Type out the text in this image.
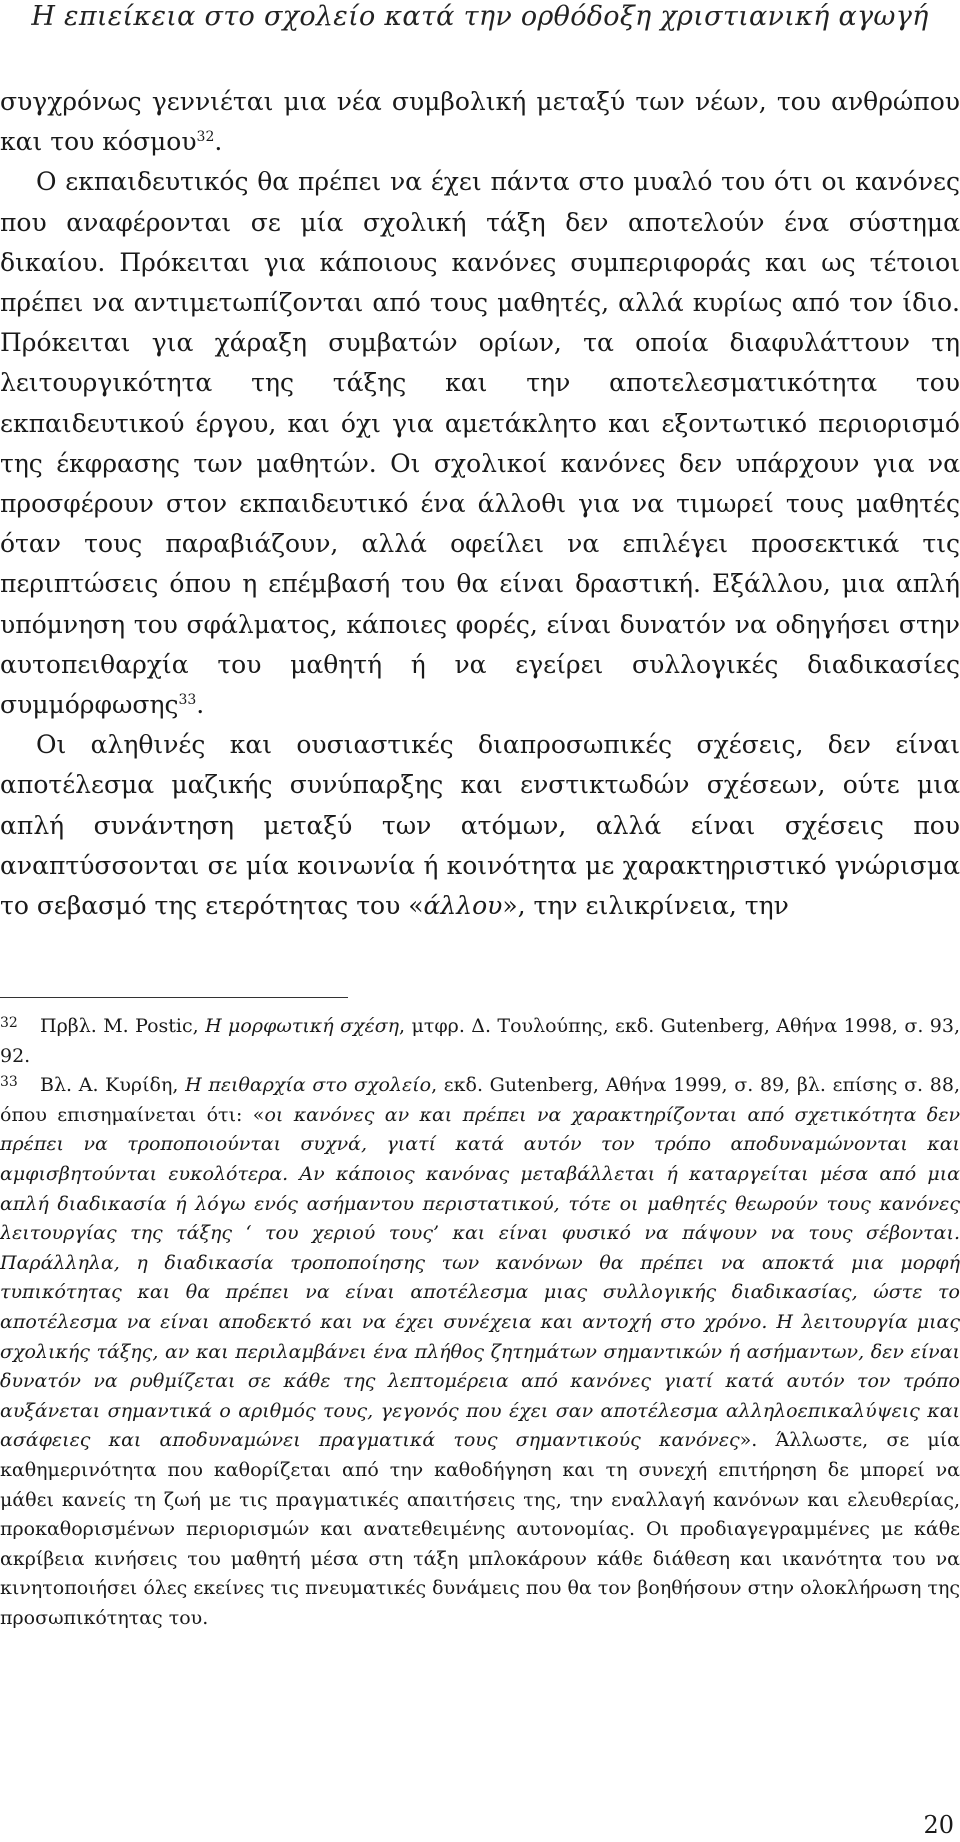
Η επιείκεια στο σχολείο κατά την ορθόδοξη χριστιανική αγωγή

συγχρόνως γεννιέται μια νέα συμβολική μεταξύ των νέων, του ανθρώπου και του κόσμου$^{32}$.

Ο εκπαιδευτικός θα πρέπει να έχει πάντα στο μυαλό του ότι οι κανόνες που αναφέρονται σε μία σχολική τάξη δεν αποτελούν ένα σύστημα δικαίου. Πρόκειται για κάποιους κανόνες συμπεριφοράς και ως τέτοιοι πρέπει να αντιμετωπίζονται από τους μαθητές, αλλά κυρίως από τον ίδιο. Πρόκειται για χάραξη συμβατών ορίων, τα οποία διαφυλάττουν τη λειτουργικότητα της τάξης και την αποτελεσματικότητα του εκπαιδευτικού έργου, και όχι για αμετάκλητο και εξοντωτικό περιορισμό της έκφρασης των μαθητών. Οι σχολικοί κανόνες δεν υπάρχουν για να προσφέρουν στον εκπαιδευτικό ένα άλλοθι για να τιμωρεί τους μαθητές όταν τους παραβιάζουν, αλλά οφείλει να επιλέγει προσεκτικά τις περιπτώσεις όπου η επέμβασή του θα είναι δραστική. Εξάλλου, μια απλή υπόμνηση του σφάλματος, κάποιες φορές, είναι δυνατόν να οδηγήσει στην αυτοπειθαρχία του μαθητή ή να εγείρει συλλογικές διαδικασίες συμμόρφωσης$^{33}$.

Οι αληθινές και ουσιαστικές διαπροσωπικές σχέσεις, δεν είναι αποτέλεσμα μαζικής συνύπαρξης και ενστικτωδών σχέσεων, ούτε μια απλή συνάντηση μεταξύ των ατόμων, αλλά είναι σχέσεις που αναπτύσσονται σε μία κοινωνία ή κοινότητα με χαρακτηριστικό γνώρισμα το σεβασμό της ετερότητας του «άλλου», την ειλικρίνεια, την

32 Πρβλ. M. Postic, Η μορφωτική σχέση, μτφρ. Δ. Τουλούπης, εκδ. Gutenberg, Αθήνα 1998, σ. 93, 92.

33 Βλ. Α. Κυρίδη, Η πειθαρχία στο σχολείο, εκδ. Gutenberg, Αθήνα 1999, σ. 89, βλ. επίσης σ. 88, όπου επισημαίνεται ότι: «οι κανόνες αν και πρέπει να χαρακτηρίζονται από σχετικότητα δεν πρέπει να τροποποιούνται συχνά, γιατί κατά αυτόν τον τρόπο αποδυναμώνονται και αμφισβητούνται ευκολότερα. Αν κάποιος κανόνας μεταβάλλεται ή καταργείται μέσα από μια απλή διαδικασία ή λόγω ενός ασήμαντου περιστατικού, τότε οι μαθητές θεωρούν τους κανόνες λειτουργίας της τάξης ‘ του χεριού τους’ και είναι φυσικό να πάψουν να τους σέβονται. Παράλληλα, η διαδικασία τροποποίησης των κανόνων θα πρέπει να αποκτά μια μορφή τυπικότητας και θα πρέπει να είναι αποτέλεσμα μιας συλλογικής διαδικασίας, ώστε το αποτέλεσμα να είναι αποδεκτό και να έχει συνέχεια και αντοχή στο χρόνο. Η λειτουργία μιας σχολικής τάξης, αν και περιλαμβάνει ένα πλήθος ζητημάτων σημαντικών ή ασήμαντων, δεν είναι δυνατόν να ρυθμίζεται σε κάθε της λεπτομέρεια από κανόνες γιατί κατά αυτόν τον τρόπο αυξάνεται σημαντικά ο αριθμός τους, γεγονός που έχει σαν αποτέλεσμα αλληλοεπικαλύψεις και ασάφειες και αποδυναμώνει πραγματικά τους σημαντικούς κανόνες». Άλλωστε, σε μία καθημερινότητα που καθορίζεται από την καθοδήγηση και τη συνεχή επιτήρηση δε μπορεί να μάθει κανείς τη ζωή με τις πραγματικές απαιτήσεις της, την εναλλαγή κανόνων και ελευθερίας, προκαθορισμένων περιορισμών και ανατεθειμένης αυτονομίας. Οι προδιαγεγραμμένες με κάθε ακρίβεια κινήσεις του μαθητή μέσα στη τάξη μπλοκάρουν κάθε διάθεση και ικανότητα του να κινητοποιήσει όλες εκείνες τις πνευματικές δυνάμεις που θα τον βοηθήσουν στην ολοκλήρωση της προσωπικότητας του.

20
